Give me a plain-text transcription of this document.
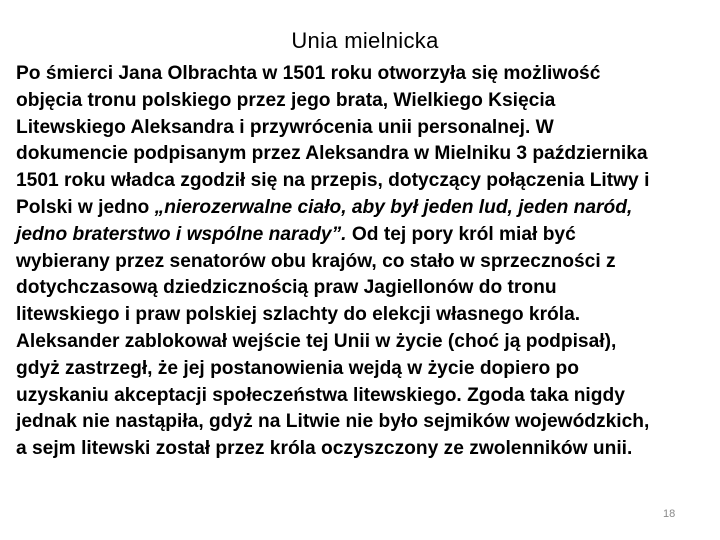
Unia mielnicka
Po śmierci Jana Olbrachta w 1501 roku otworzyła się możliwość
objęcia tronu polskiego przez jego brata, Wielkiego Księcia
Litewskiego Aleksandra i przywrócenia unii personalnej. W
dokumencie podpisanym przez Aleksandra w Mielniku 3 października
1501 roku władca zgodził się na przepis, dotyczący połączenia Litwy i
Polski w jedno „nierozerwalne ciało, aby był jeden lud, jeden naród,
jedno braterstwo i wspólne narady”. Od tej pory król miał być
wybierany przez senatorów obu krajów, co stało w sprzeczności z
dotychczasową dziedzicznością praw Jagiellonów do tronu
litewskiego i praw polskiej szlachty do elekcji własnego króla.
Aleksander zablokował wejście tej Unii w życie (choć ją podpisał),
gdyż zastrzegł, że jej postanowienia wejdą w życie dopiero po
uzyskaniu akceptacji społeczeństwa litewskiego. Zgoda taka nigdy
jednak nie nastąpiła, gdyż na Litwie nie było sejmików wojewódzkich,
a sejm litewski został przez króla oczyszczony ze zwolenników unii.
18
